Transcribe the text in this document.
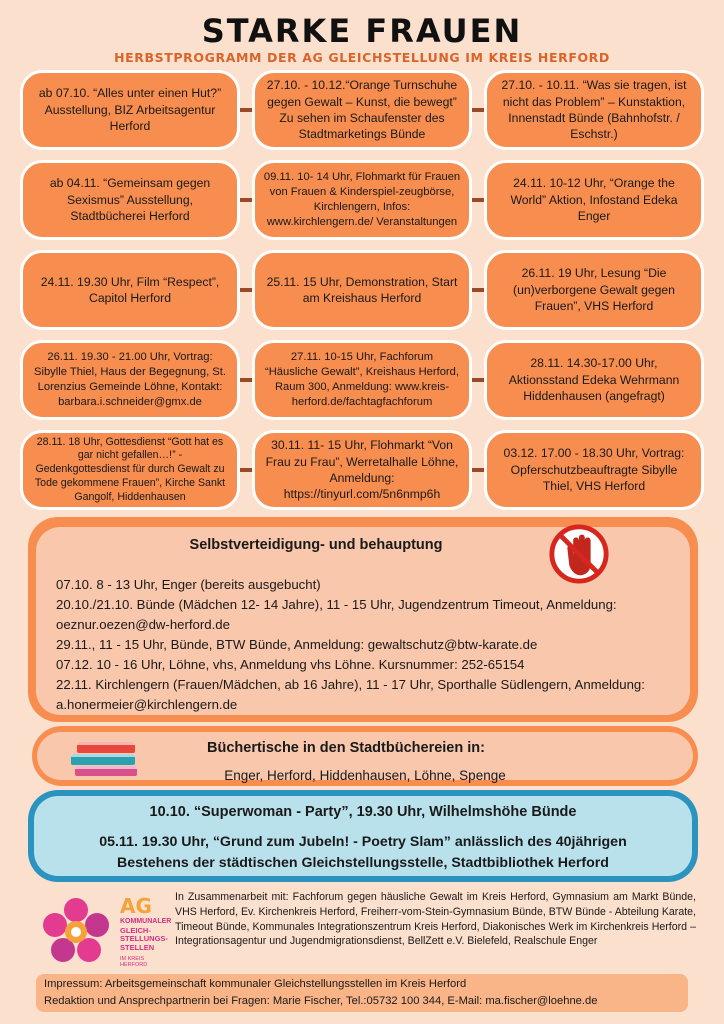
STARKE FRAUEN
HERBSTPROGRAMM DER AG GLEICHSTELLUNG IM KREIS HERFORD
ab 07.10. “Alles unter einen Hut?” Ausstellung, BIZ Arbeitsagentur Herford
27.10. - 10.12.“Orange Turnschuhe gegen Gewalt – Kunst, die bewegt” Zu sehen im Schaufenster des Stadtmarketings Bünde
27.10. - 10.11. “Was sie tragen, ist nicht das Problem” – Kunstaktion, Innenstadt Bünde (Bahnhofstr. / Eschstr.)
ab 04.11. “Gemeinsam gegen Sexismus” Ausstellung, Stadtbücherei Herford
09.11. 10- 14 Uhr, Flohmarkt für Frauen von Frauen & Kinderspiel-zeugbörse, Kirchlengern, Infos: www.kirchlengern.de/ Veranstaltungen
24.11. 10-12 Uhr, “Orange the World” Aktion, Infostand Edeka Enger
24.11. 19.30 Uhr, Film “Respect”, Capitol Herford
25.11. 15 Uhr, Demonstration, Start am Kreishaus Herford
26.11. 19 Uhr, Lesung “Die (un)verborgene Gewalt gegen Frauen”, VHS Herford
26.11. 19.30 - 21.00 Uhr, Vortrag: Sibylle Thiel, Haus der Begegnung, St. Lorenzius Gemeinde Löhne, Kontakt: barbara.i.schneider@gmx.de
27.11. 10-15 Uhr, Fachforum “Häusliche Gewalt”, Kreishaus Herford, Raum 300, Anmeldung: www.kreis-herford.de/fachtagfachforum
28.11. 14.30-17.00 Uhr, Aktionsstand Edeka Wehrmann Hiddenhausen (angefragt)
28.11. 18 Uhr, Gottesdienst “Gott hat es gar nicht gefallen…!” - Gedenkgottesdienst für durch Gewalt zu Tode gekommene Frauen”, Kirche Sankt Gangolf, Hiddenhausen
30.11. 11- 15 Uhr, Flohmarkt “Von Frau zu Frau”, Werretalhalle Löhne, Anmeldung: https://tinyurl.com/5n6nmp6h
03.12. 17.00 - 18.30 Uhr, Vortrag: Opferschutzbeauftragte Sibylle Thiel, VHS Herford
Selbstverteidigung- und behauptung
07.10. 8 - 13 Uhr, Enger (bereits ausgebucht)
20.10./21.10. Bünde (Mädchen 12- 14 Jahre), 11 - 15 Uhr, Jugendzentrum Timeout, Anmeldung: oeznur.oezen@dw-herford.de
29.11., 11 - 15 Uhr, Bünde, BTW Bünde, Anmeldung: gewaltschutz@btw-karate.de
07.12. 10 - 16 Uhr, Löhne, vhs, Anmeldung vhs Löhne. Kursnummer: 252-65154
22.11. Kirchlengern (Frauen/Mädchen, ab 16 Jahre), 11 - 17 Uhr, Sporthalle Südlengern, Anmeldung: a.honermeier@kirchlengern.de
Büchertische in den Stadtbüchereien in:
Enger, Herford, Hiddenhausen, Löhne, Spenge
10.10. “Superwoman - Party”, 19.30 Uhr, Wilhelmshöhe Bünde
05.11. 19.30 Uhr, “Grund zum Jubeln! - Poetry Slam” anlässlich des 40jährigen
Bestehens der städtischen Gleichstellungsstelle, Stadtbibliothek Herford
AG
KOMMUNALER
GLEICH-STELLUNGS-STELLEN
IM KREIS HERFORD
In Zusammenarbeit mit: Fachforum gegen häusliche Gewalt im Kreis Herford, Gymnasium am Markt Bünde, VHS Herford, Ev. Kirchenkreis Herford, Freiherr-vom-Stein-Gymnasium Bünde, BTW Bünde - Abteilung Karate, Timeout Bünde, Kommunales Integrationszentrum Kreis Herford, Diakonisches Werk im Kirchenkreis Herford – Integrationsagentur und Jugendmigrationsdienst, BellZett e.V. Bielefeld, Realschule Enger
Impressum: Arbeitsgemeinschaft kommunaler Gleichstellungsstellen im Kreis Herford
Redaktion und Ansprechpartnerin bei Fragen: Marie Fischer, Tel.:05732 100 344, E-Mail: ma.fischer@loehne.de
